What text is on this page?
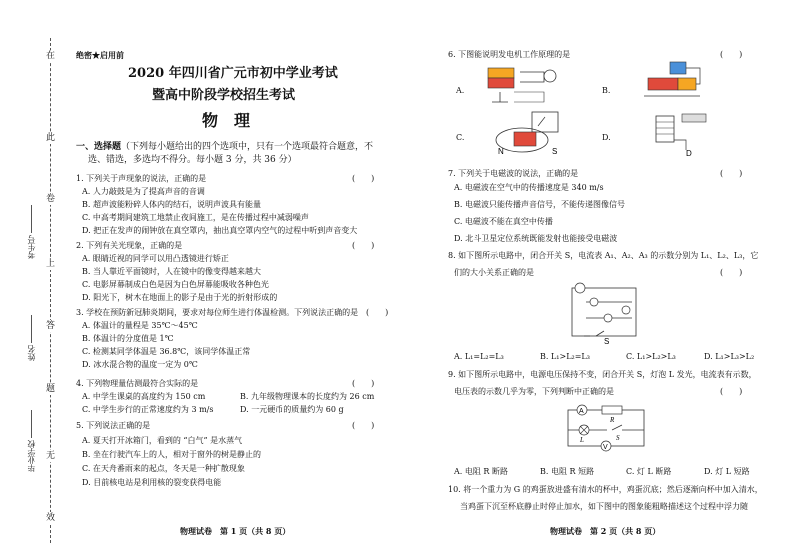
在
此
卷
上
答
题
无
效
考生号
姓名
毕业学校
绝密★启用前
2020 年四川省广元市初中学业考试
暨高中阶段学校招生考试
物理
一、选择题（下列每小题给出的四个选项中，只有一个选项最符合题意，不
选、错选，多选均不得分。每小题 3 分，共 36 分）
1. 下列关于声现象的说法，正确的是	(　　)
A. 人力敲鼓是为了提高声音的音调
B. 超声波能粉碎人体内的结石，说明声波具有能量
C. 中高考期间建筑工地禁止夜间施工，是在传播过程中减弱噪声
D. 把正在发声的闹钟放在真空罩内，抽出真空罩内空气的过程中听到声音变大
2. 下列有关光现象，正确的是	(　　)
A. 眼睛近视的同学可以用凸透镜进行矫正
B. 当人靠近平面镜时，人在镜中的像变得越来越大
C. 电影屏幕制成白色是因为白色屏幕能吸收各种色光
D. 阳光下，树木在地面上的影子是由于光的折射形成的
3. 学校在预防新冠肺炎期间，要求对每位师生进行体温检测。下列说法正确的是 (　　)
A. 体温计的量程是 35℃～45℃
B. 体温计的分度值是 1℃
C. 检测某同学体温是 36.8℃，该同学体温正常
D. 冰水混合物的温度一定为 0℃
4. 下列物理量估测最符合实际的是	(　　)
A. 中学生课桌的高度约为 150 cm	B. 九年级物理课本的长度约为 26 cm
C. 中学生步行的正常速度约为 3 m/s	D. 一元硬币的质量约为 60 g
5. 下列说法正确的是	(　　)
A. 夏天打开冰箱门，看到的 “白气” 是水蒸气
B. 坐在行驶汽车上的人，相对于窗外的树是静止的
C. 在天舟番雨来的起点，冬天是一种扩散现象
D. 目前核电站是利用核的裂变获得电能
物理试卷　第 1 页（共 8 页）
6. 下图能说明发电机工作原理的是	(　　)
A.	B.
C.
N	S
D.
D
7. 下列关于电磁波的说法，正确的是	(　　)
A. 电磁波在空气中的传播速度是 340 m/s
B. 电磁波只能传播声音信号，不能传递图像信号
C. 电磁波不能在真空中传播
D. 北斗卫星定位系统既能发射也能接受电磁波
8. 如下图所示电路中，闭合开关 S，电流表 A₁、A₂、A₃ 的示数分别为 L₁、L₂、L₃，它
们的大小关系正确的是	(　　)
S
A. L₁=L₂=L₃	B. L₁>L₂=L₃	C. L₁>L₂>L₃	D. L₁>L₃>L₂
9. 如下图所示电路中，电源电压保持不变，闭合开关 S，灯泡 L 发光，电流表有示数，
电压表的示数几乎为零，下列判断中正确的是	(　　)
A
R
L	S
V
A. 电阻 R 断路	B. 电阻 R 短路	C. 灯 L 断路	D. 灯 L 短路
10. 将一个重力为 G 的鸡蛋放进盛有清水的杯中，鸡蛋沉底；然后逐渐向杯中加入清水，
当鸡蛋下沉至杯底静止时停止加水，如下图中的图象能粗略描述这个过程中浮力随
物理试卷　第 2 页（共 8 页）
